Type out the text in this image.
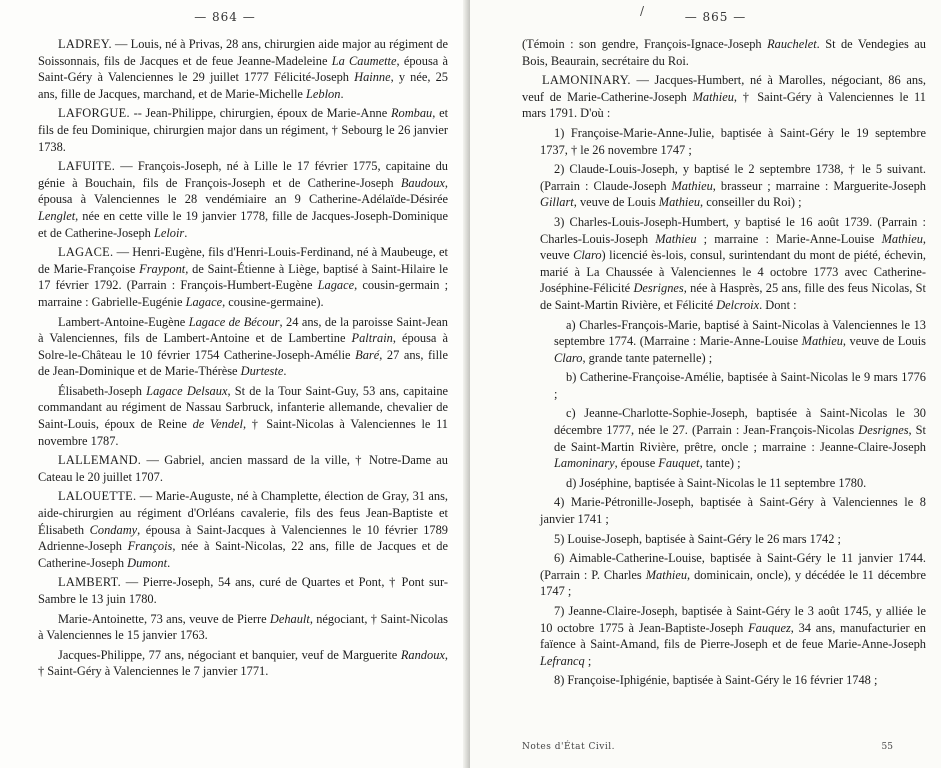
— 864 —

LADREY. — Louis, né à Privas, 28 ans, chirurgien aide major au régiment de Soissonnais, fils de Jacques et de feue Jeanne-Madeleine La Caumette, épousa à Saint-Géry à Valenciennes le 29 juillet 1777 Félicité-Joseph Hainne, y née, 25 ans, fille de Jacques, marchand, et de Marie-Michelle Leblon.

LAFORGUE. -- Jean-Philippe, chirurgien, époux de Marie-Anne Rombau, et fils de feu Dominique, chirurgien major dans un régiment, † Sebourg le 26 janvier 1738.

LAFUITE. — François-Joseph, né à Lille le 17 février 1775, capitaine du génie à Bouchain, fils de François-Joseph et de Catherine-Joseph Baudoux, épousa à Valenciennes le 28 vendémiaire an 9 Catherine-Adélaïde-Désirée Lenglet, née en cette ville le 19 janvier 1778, fille de Jacques-Joseph-Dominique et de Catherine-Joseph Leloir.

LAGACE. — Henri-Eugène, fils d'Henri-Louis-Ferdinand, né à Maubeuge, et de Marie-Françoise Fraypont, de Saint-Étienne à Liège, baptisé à Saint-Hilaire le 17 février 1792. (Parrain : François-Humbert-Eugène Lagace, cousin-germain ; marraine : Gabrielle-Eugénie Lagace, cousine-germaine).

Lambert-Antoine-Eugène Lagace de Bécour, 24 ans, de la paroisse Saint-Jean à Valenciennes, fils de Lambert-Antoine et de Lambertine Paltrain, épousa à Solre-le-Château le 10 février 1754 Catherine-Joseph-Amélie Baré, 27 ans, fille de Jean-Dominique et de Marie-Thérèse Durteste.

Élisabeth-Joseph Lagace Delsaux, St de la Tour Saint-Guy, 53 ans, capitaine commandant au régiment de Nassau Sarbruck, infanterie allemande, chevalier de Saint-Louis, époux de Reine de Vendel, † Saint-Nicolas à Valenciennes le 11 novembre 1787.

LALLEMAND. — Gabriel, ancien massard de la ville, † Notre-Dame au Cateau le 20 juillet 1707.

LALOUETTE. — Marie-Auguste, né à Champlette, élection de Gray, 31 ans, aide-chirurgien au régiment d'Orléans cavalerie, fils des feus Jean-Baptiste et Élisabeth Condamy, épousa à Saint-Jacques à Valenciennes le 10 février 1789 Adrienne-Joseph François, née à Saint-Nicolas, 22 ans, fille de Jacques et de Catherine-Joseph Dumont.

LAMBERT. — Pierre-Joseph, 54 ans, curé de Quartes et Pont, † Pont sur-Sambre le 13 juin 1780.

Marie-Antoinette, 73 ans, veuve de Pierre Dehault, négociant, † Saint-Nicolas à Valenciennes le 15 janvier 1763.

Jacques-Philippe, 77 ans, négociant et banquier, veuf de Marguerite Randoux, † Saint-Géry à Valenciennes le 7 janvier 1771.

/	— 865 —

(Témoin : son gendre, François-Ignace-Joseph Rauchelet. St de Vendegies au Bois, Beaurain, secrétaire du Roi.

LAMONINARY. — Jacques-Humbert, né à Marolles, négociant, 86 ans, veuf de Marie-Catherine-Joseph Mathieu, † Saint-Géry à Valenciennes le 11 mars 1791. D'où :

1) Françoise-Marie-Anne-Julie, baptisée à Saint-Géry le 19 septembre 1737, † le 26 novembre 1747 ;

2) Claude-Louis-Joseph, y baptisé le 2 septembre 1738, † le 5 suivant. (Parrain : Claude-Joseph Mathieu, brasseur ; marraine : Marguerite-Joseph Gillart, veuve de Louis Mathieu, conseiller du Roi) ;

3) Charles-Louis-Joseph-Humbert, y baptisé le 16 août 1739. (Parrain : Charles-Louis-Joseph Mathieu ; marraine : Marie-Anne-Louise Mathieu, veuve Claro) licencié ès-lois, consul, surintendant du mont de piété, échevin, marié à La Chaussée à Valenciennes le 4 octobre 1773 avec Catherine-Joséphine-Félicité Desrignes, née à Hasprès, 25 ans, fille des feus Nicolas, St de Saint-Martin Rivière, et Félicité Delcroix. Dont :

a) Charles-François-Marie, baptisé à Saint-Nicolas à Valenciennes le 13 septembre 1774. (Marraine : Marie-Anne-Louise Mathieu, veuve de Louis Claro, grande tante paternelle) ;

b) Catherine-Françoise-Amélie, baptisée à Saint-Nicolas le 9 mars 1776 ;

c) Jeanne-Charlotte-Sophie-Joseph, baptisée à Saint-Nicolas le 30 décembre 1777, née le 27. (Parrain : Jean-François-Nicolas Desrignes, St de Saint-Martin Rivière, prêtre, oncle ; marraine : Jeanne-Claire-Joseph Lamoninary, épouse Fauquet, tante) ;

d) Joséphine, baptisée à Saint-Nicolas le 11 septembre 1780.

4) Marie-Pétronille-Joseph, baptisée à Saint-Géry à Valenciennes le 8 janvier 1741 ;

5) Louise-Joseph, baptisée à Saint-Géry le 26 mars 1742 ;

6) Aimable-Catherine-Louise, baptisée à Saint-Géry le 11 janvier 1744. (Parrain : P. Charles Mathieu, dominicain, oncle), y décédée le 11 décembre 1747 ;

7) Jeanne-Claire-Joseph, baptisée à Saint-Géry le 3 août 1745, y alliée le 10 octobre 1775 à Jean-Baptiste-Joseph Fauquez, 34 ans, manufacturier en faïence à Saint-Amand, fils de Pierre-Joseph et de feue Marie-Anne-Joseph Lefrancq ;

8) Françoise-Iphigénie, baptisée à Saint-Géry le 16 février 1748 ;

Notes d'État Civil.	55
